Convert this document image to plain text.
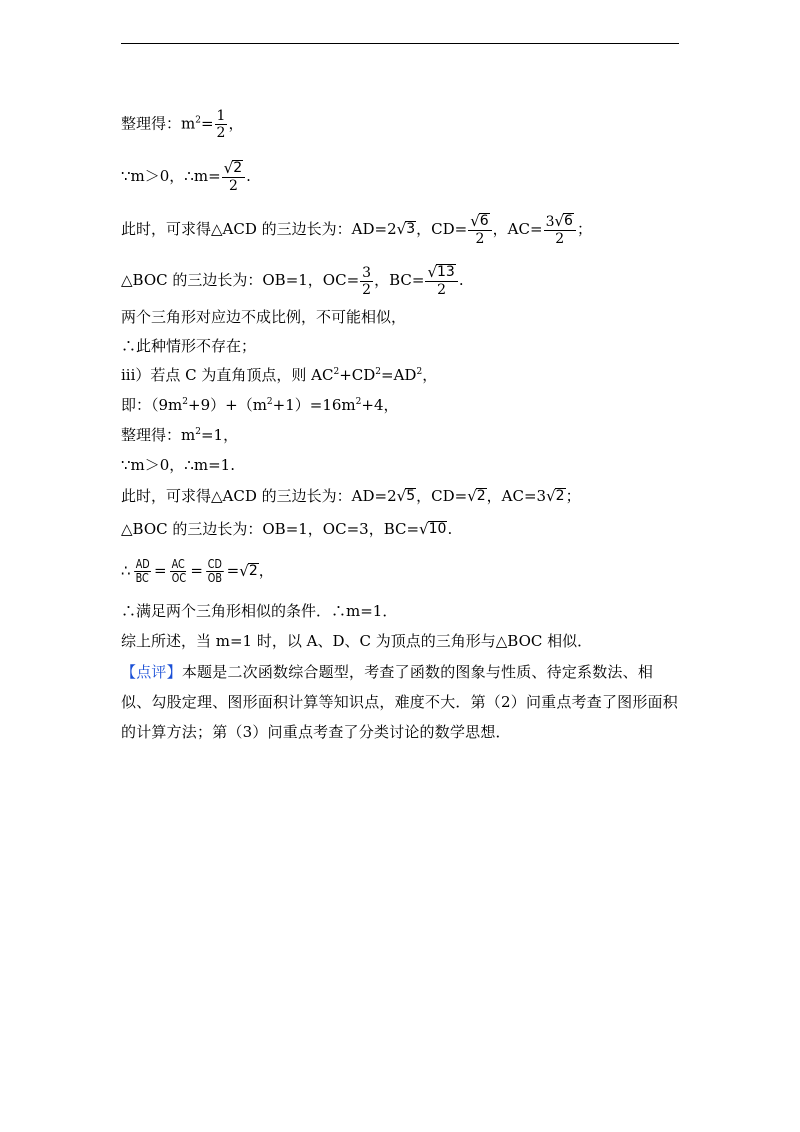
整理得：$m^2= \frac{1}{2}$ ，
∵m＞0，∴m= $\frac{√ 2}{2}$ .
此时，可求得△ACD 的三边长为：AD=2 √ 3 ，$CD= \frac{√ 6}{2}$ ，$AC= \frac{3 √ 6}{2}$ ；
△BOC 的三边长为：OB=1，$OC= \frac{3}{2}$ ，$BC= \frac{√ 13}{2}$ .
两个三角形对应边不成比例，不可能相似，
∴此种情形不存在；
iii）若点 C 为直角顶点，则 $AC^2+CD^2=AD^2$，
即：$(9m^2+9)+(m^2+1)=16m^2+4$，
整理得：$m^2=1$，
∵m＞0，∴m=1.
此时，可求得△ACD 的三边长为：AD=2 √ 5 ，CD= √ 2 ，AC=3 √ 2 ；
△BOC 的三边长为：OB=1，OC=3，BC= √ 10 .
∴ $\frac{AD}{BC} = \frac{AC}{OC} = \frac{CD}{OB}$ = √ 2 ，
∴满足两个三角形相似的条件．∴m=1．
综上所述，当 m=1 时，以 A、D、C 为顶点的三角形与△BOC 相似．
【点评】本题是二次函数综合题型，考查了函数的图象与性质、待定系数法、相似、勾股定理、图形面积计算等知识点，难度不大．第（2）问重点考查了图形面积的计算方法；第（3）问重点考查了分类讨论的数学思想．
